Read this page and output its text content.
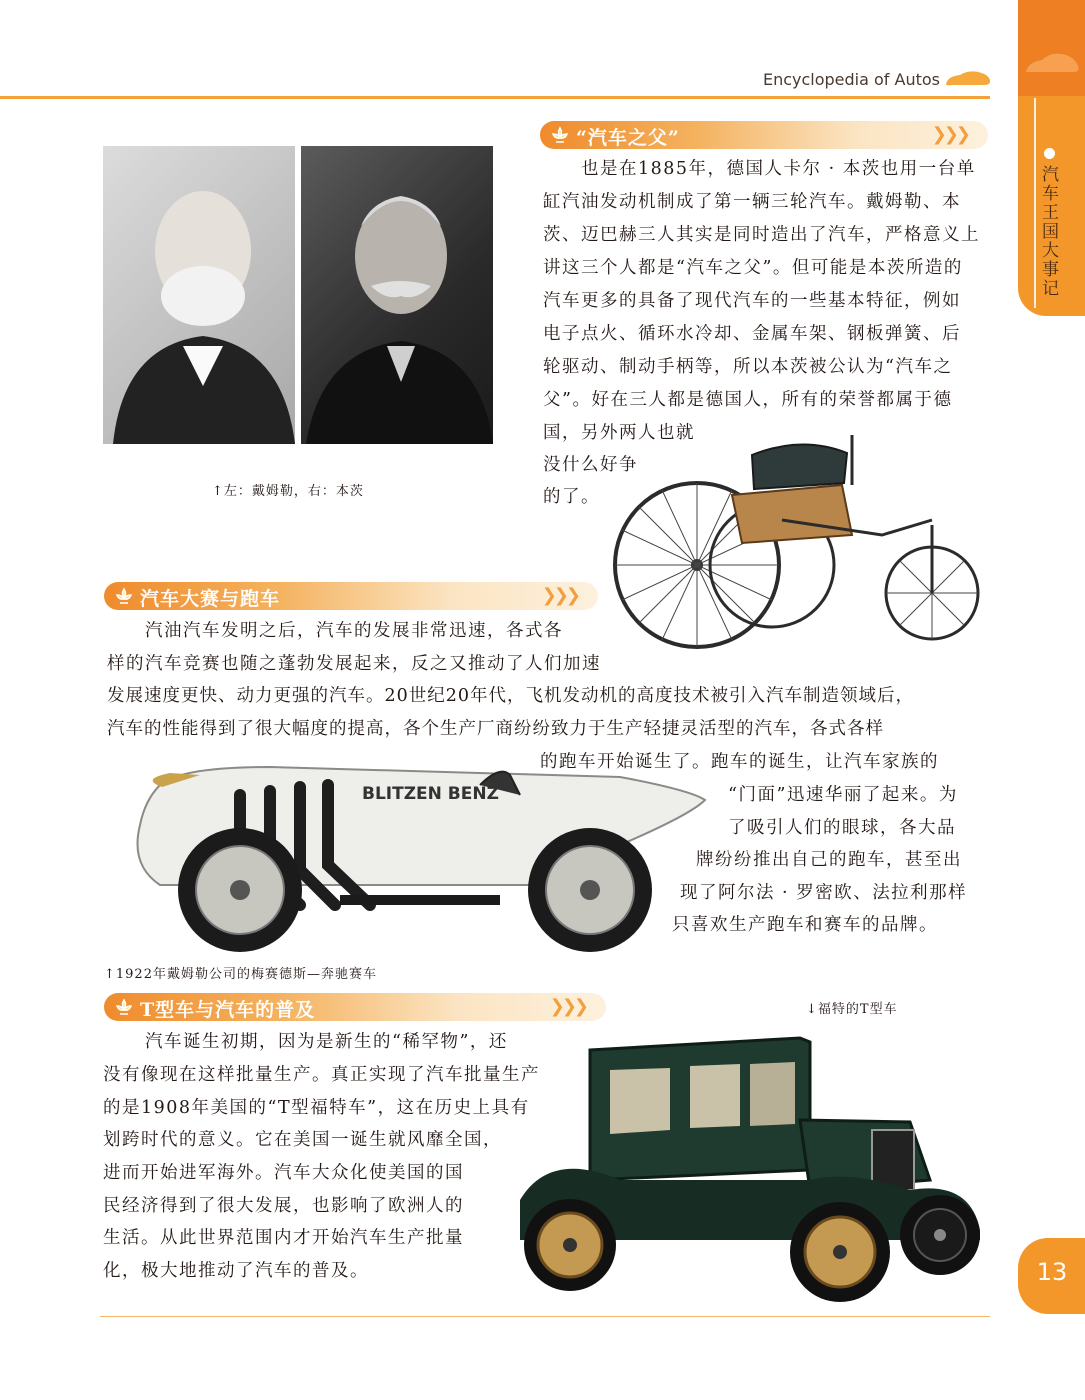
Encyclopedia of Autos
汽车王国大事记
13
↑左：戴姆勒，右：本茨
“汽车之父”	❯❯❯
　　也是在1885年，德国人卡尔 · 本茨也用一台单
缸汽油发动机制成了第一辆三轮汽车。戴姆勒、本
茨、迈巴赫三人其实是同时造出了汽车，严格意义上
讲这三个人都是“汽车之父”。但可能是本茨所造的
汽车更多的具备了现代汽车的一些基本特征，例如
电子点火、循环水冷却、金属车架、钢板弹簧、后
轮驱动、制动手柄等，所以本茨被公认为“汽车之
父”。好在三人都是德国人，所有的荣誉都属于德
国，另外两人也就
没什么好争
的了。
汽车大赛与跑车	❯❯❯
　　汽油汽车发明之后，汽车的发展非常迅速，各式各
样的汽车竞赛也随之蓬勃发展起来，反之又推动了人们加速
发展速度更快、动力更强的汽车。20世纪20年代，飞机发动机的高度技术被引入汽车制造领域后，
汽车的性能得到了很大幅度的提高，各个生产厂商纷纷致力于生产轻捷灵活型的汽车，各式各样
的跑车开始诞生了。跑车的诞生，让汽车家族的
“门面”迅速华丽了起来。为
了吸引人们的眼球，各大品
牌纷纷推出自己的跑车，甚至出
现了阿尔法 · 罗密欧、法拉利那样
只喜欢生产跑车和赛车的品牌。
BLITZEN BENZ
↑1922年戴姆勒公司的梅赛德斯—奔驰赛车
T型车与汽车的普及	❯❯❯	↓福特的T型车
　　汽车诞生初期，因为是新生的“稀罕物”，还
没有像现在这样批量生产。真正实现了汽车批量生产
的是1908年美国的“T型福特车”，这在历史上具有
划跨时代的意义。它在美国一诞生就风靡全国，
进而开始进军海外。汽车大众化使美国的国
民经济得到了很大发展，也影响了欧洲人的
生活。从此世界范围内才开始汽车生产批量
化，极大地推动了汽车的普及。
